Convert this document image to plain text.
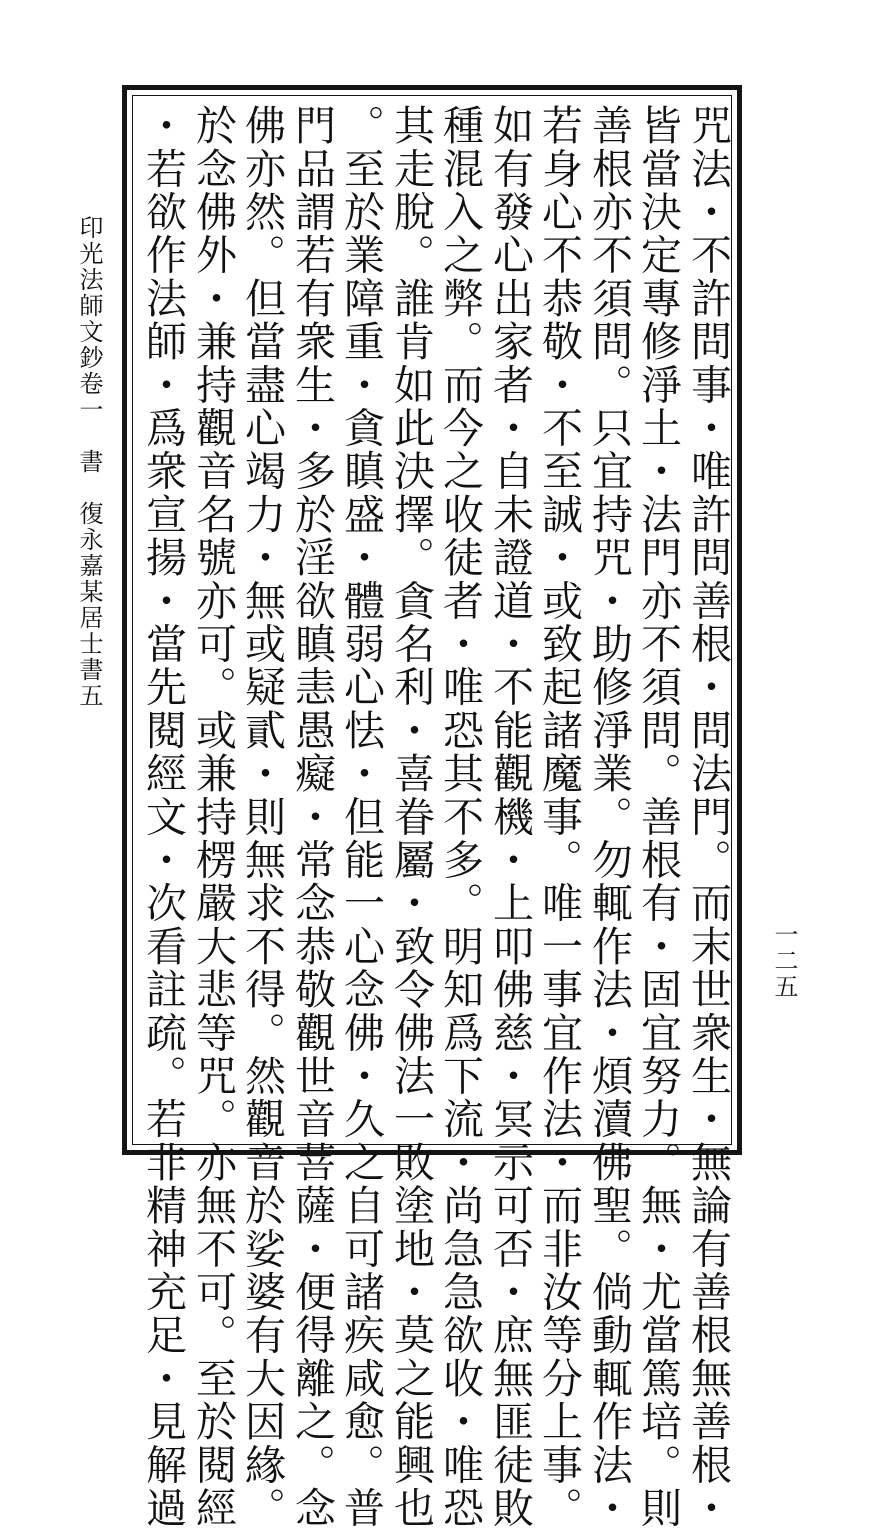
印光法師文鈔卷一　書　復永嘉某居士書五
一二五
咒法・不許問事・唯許問善根・問法門。而末世衆生・無論有善根無善根・
皆當決定專修淨土・法門亦不須問。善根有・固宜努力。無・尤當篤培。則
善根亦不須問。只宜持咒・助修淨業。勿輒作法・煩瀆佛聖。倘動輒作法・
若身心不恭敬・不至誠・或致起諸魔事。唯一事宜作法・而非汝等分上事。
如有發心出家者・自未證道・不能觀機・上叩佛慈・冥示可否・庶無匪徒敗
種混入之弊。而今之收徒者・唯恐其不多。明知爲下流・尚急急欲收・唯恐
其走脫。誰肯如此決擇。貪名利・喜眷屬・致令佛法一敗塗地・莫之能興也
。至於業障重・貪瞋盛・體弱心怯・但能一心念佛・久之自可諸疾咸愈。普
門品謂若有衆生・多於淫欲瞋恚愚癡・常念恭敬觀世音菩薩・便得離之。念
佛亦然。但當盡心竭力・無或疑貳・則無求不得。然觀音於娑婆有大因緣。
於念佛外・兼持觀音名號亦可。或兼持楞嚴大悲等咒。亦無不可。至於閱經
・若欲作法師・爲衆宣揚・當先閱經文・次看註疏。若非精神充足・見解過
